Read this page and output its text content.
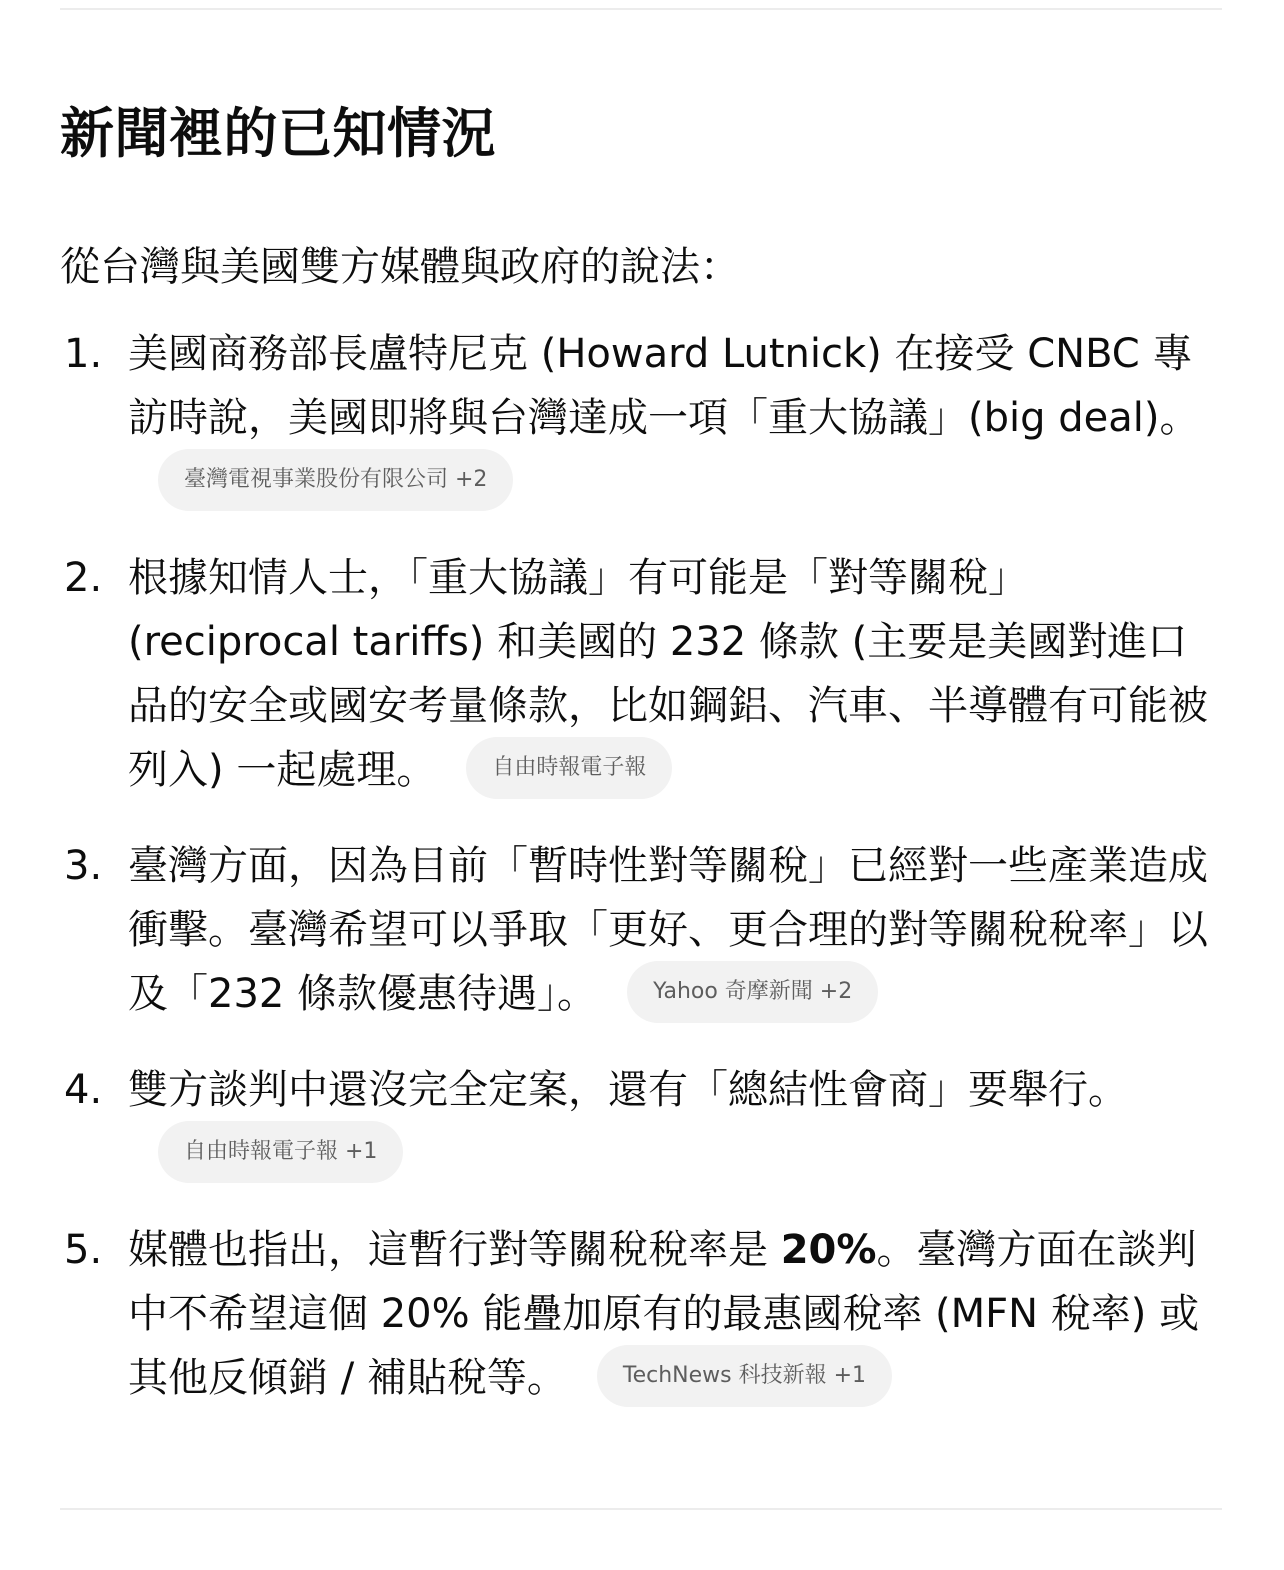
新聞裡的已知情況

從台灣與美國雙方媒體與政府的說法：

1. 美國商務部長盧特尼克 (Howard Lutnick) 在接受 CNBC 專訪時說，美國即將與台灣達成一項「重大協議」(big deal)。臺灣電視事業股份有限公司 +2
2. 根據知情人士，「重大協議」有可能是「對等關稅」(reciprocal tariffs) 和美國的 232 條款 (主要是美國對進口品的安全或國安考量條款，比如鋼鋁、汽車、半導體有可能被列入) 一起處理。	自由時報電子報
3. 臺灣方面，因為目前「暫時性對等關稅」已經對一些產業造成衝擊。臺灣希望可以爭取「更好、更合理的對等關稅稅率」以及「232 條款優惠待遇」。	Yahoo 奇摩新聞 +2
4. 雙方談判中還沒完全定案，還有「總結性會商」要舉行。自由時報電子報 +1
5. 媒體也指出，這暫行對等關稅稅率是 20%。臺灣方面在談判中不希望這個 20% 能疊加原有的最惠國稅率 (MFN 稅率) 或其他反傾銷 / 補貼稅等。	TechNews 科技新報 +1
